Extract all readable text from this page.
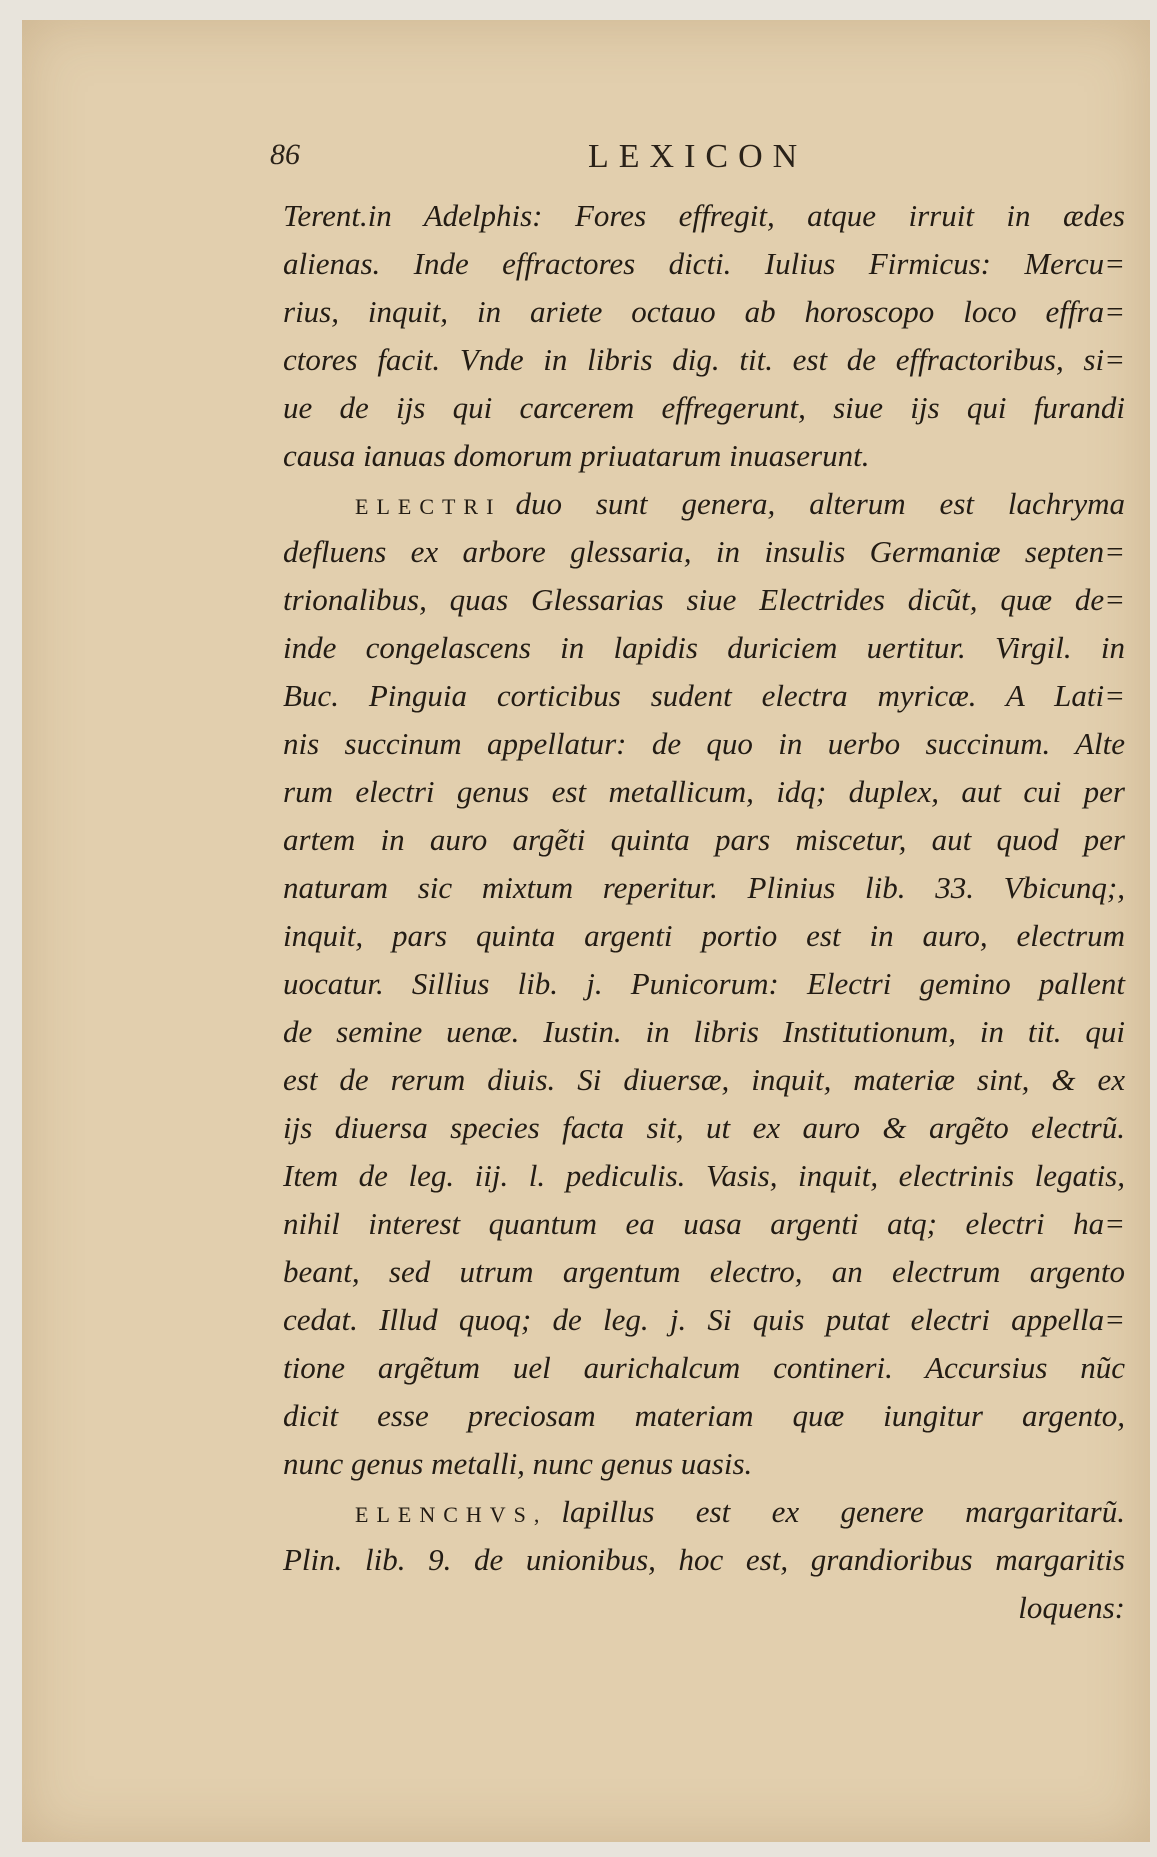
86	LEXICON
Terent.in Adelphis: Fores effregit, atque irruit in ædes
alienas. Inde effractores dicti. Iulius Firmicus: Mercu=
rius, inquit, in ariete octauo ab horoscopo loco effra=
ctores facit. Vnde in libris dig. tit. est de effractoribus, si=
ue de ijs qui carcerem effregerunt, siue ijs qui furandi
causa ianuas domorum priuatarum inuaserunt.
ELECTRI duo sunt genera, alterum est lachryma
defluens ex arbore glessaria, in insulis Germaniæ septen=
trionalibus, quas Glessarias siue Electrides dicũt, quæ de=
inde congelascens in lapidis duriciem uertitur. Virgil. in
Buc. Pinguia corticibus sudent electra myricæ. A Lati=
nis succinum appellatur: de quo in uerbo succinum. Alte
rum electri genus est metallicum, idq; duplex, aut cui per
artem in auro argẽti quinta pars miscetur, aut quod per
naturam sic mixtum reperitur. Plinius lib. 33. Vbicunq;,
inquit, pars quinta argenti portio est in auro, electrum
uocatur. Sillius lib. j. Punicorum: Electri gemino pallent
de semine uenæ. Iustin. in libris Institutionum, in tit. qui
est de rerum diuis. Si diuersæ, inquit, materiæ sint, & ex
ijs diuersa species facta sit, ut ex auro & argẽto electrũ.
Item de leg. iij. l. pediculis. Vasis, inquit, electrinis legatis,
nihil interest quantum ea uasa argenti atq; electri ha=
beant, sed utrum argentum electro, an electrum argento
cedat. Illud quoq; de leg. j. Si quis putat electri appella=
tione argẽtum uel aurichalcum contineri. Accursius nũc
dicit esse preciosam materiam quæ iungitur argento,
nunc genus metalli, nunc genus uasis.
ELENCHVS, lapillus est ex genere margaritarũ.
Plin. lib. 9. de unionibus, hoc est, grandioribus margaritis
loquens:
